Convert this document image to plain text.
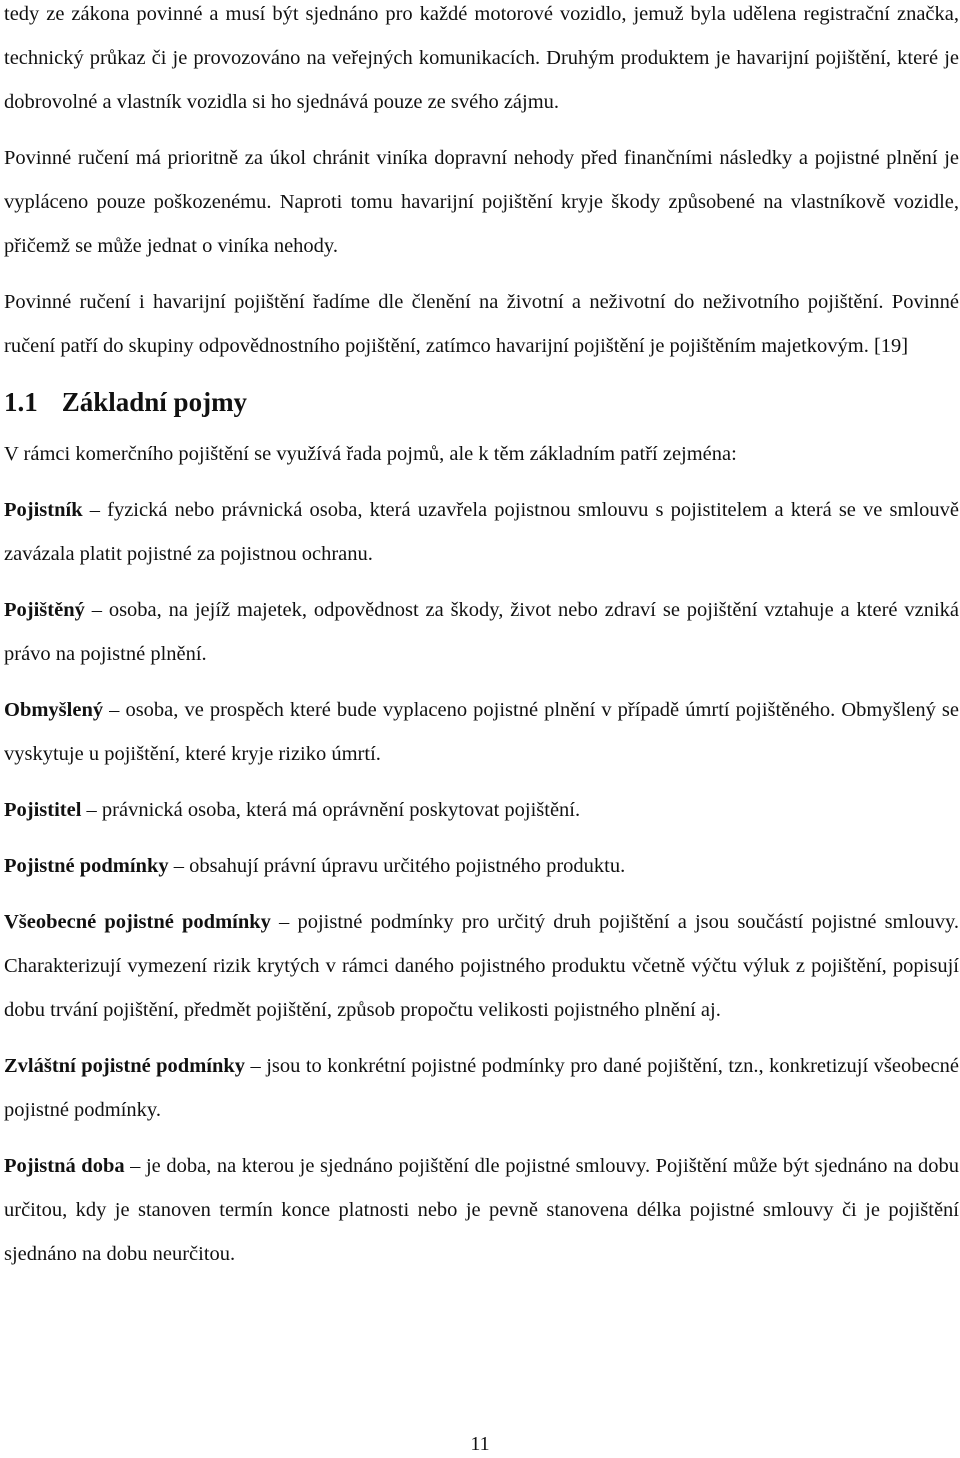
tedy ze zákona povinné a musí být sjednáno pro každé motorové vozidlo, jemuž byla udělena registrační značka, technický průkaz či je provozováno na veřejných komunikacích. Druhým produktem je havarijní pojištění, které je dobrovolné a vlastník vozidla si ho sjednává pouze ze svého zájmu.

Povinné ručení má prioritně za úkol chránit viníka dopravní nehody před finančními následky a pojistné plnění je vypláceno pouze poškozenému. Naproti tomu havarijní pojištění kryje škody způsobené na vlastníkově vozidle, přičemž se může jednat o viníka nehody.

Povinné ručení i havarijní pojištění řadíme dle členění na životní a neživotní do neživotního pojištění. Povinné ručení patří do skupiny odpovědnostního pojištění, zatímco havarijní pojištění je pojištěním majetkovým. [19]

1.1 Základní pojmy

V rámci komerčního pojištění se využívá řada pojmů, ale k těm základním patří zejména:

Pojistník – fyzická nebo právnická osoba, která uzavřela pojistnou smlouvu s pojistitelem a která se ve smlouvě zavázala platit pojistné za pojistnou ochranu.

Pojištěný – osoba, na jejíž majetek, odpovědnost za škody, život nebo zdraví se pojištění vztahuje a které vzniká právo na pojistné plnění.

Obmyšlený – osoba, ve prospěch které bude vyplaceno pojistné plnění v případě úmrtí pojištěného. Obmyšlený se vyskytuje u pojištění, které kryje riziko úmrtí.

Pojistitel – právnická osoba, která má oprávnění poskytovat pojištění.

Pojistné podmínky – obsahují právní úpravu určitého pojistného produktu.

Všeobecné pojistné podmínky – pojistné podmínky pro určitý druh pojištění a jsou součástí pojistné smlouvy. Charakterizují vymezení rizik krytých v rámci daného pojistného produktu včetně výčtu výluk z pojištění, popisují dobu trvání pojištění, předmět pojištění, způsob propočtu velikosti pojistného plnění aj.

Zvláštní pojistné podmínky – jsou to konkrétní pojistné podmínky pro dané pojištění, tzn., konkretizují všeobecné pojistné podmínky.

Pojistná doba – je doba, na kterou je sjednáno pojištění dle pojistné smlouvy. Pojištění může být sjednáno na dobu určitou, kdy je stanoven termín konce platnosti nebo je pevně stanovena délka pojistné smlouvy či je pojištění sjednáno na dobu neurčitou.

11
